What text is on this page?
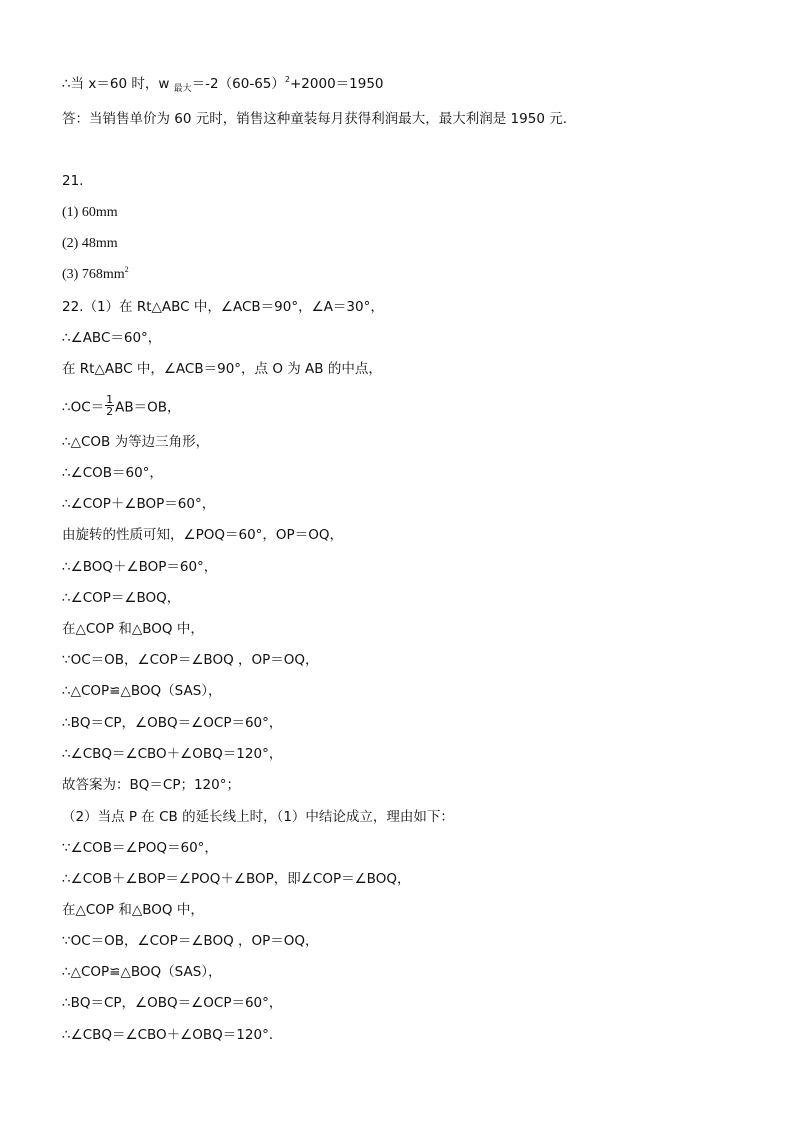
∴当 x＝60 时，w $_{最大}=-2(60-65)^2+2000=1950$
答：当销售单价为 60 元时，销售这种童装每月获得利润最大，最大利润是 1950 元．
21.
(1) 60mm
(2) 48mm
(3) $768mm^2$
22.（1）在 Rt△ABC 中，∠ACB＝90°，∠A＝30°，
∴∠ABC＝60°，
在 Rt△ABC 中，∠ACB＝90°，点 O 为 AB 的中点，
∴OC＝ $\frac{1}{2} AB=OB$，
∴△COB 为等边三角形，
∴∠COB＝60°，
∴∠COP＋∠BOP＝60°，
由旋转的性质可知，∠POQ＝60°，OP＝OQ，
∴∠BOQ＋∠BOP＝60°，
∴∠COP＝∠BOQ，
在△COP 和△BOQ 中，
∵OC＝OB，∠COP＝∠BOQ ，OP＝OQ，
∴△COP≌△BOQ（SAS），
∴BQ＝CP，∠OBQ＝∠OCP＝60°，
∴∠CBQ＝∠CBO＋∠OBQ＝120°，
故答案为：BQ＝CP；120°；
（2）当点 P 在 CB 的延长线上时，（1）中结论成立，理由如下：
∵∠COB＝∠POQ＝60°，
∴∠COB＋∠BOP＝∠POQ＋∠BOP，即∠COP＝∠BOQ，
在△COP 和△BOQ 中，
∵OC＝OB，∠COP＝∠BOQ ，OP＝OQ，
∴△COP≌△BOQ（SAS），
∴BQ＝CP，∠OBQ＝∠OCP＝60°，
∴∠CBQ＝∠CBO＋∠OBQ＝120°．
